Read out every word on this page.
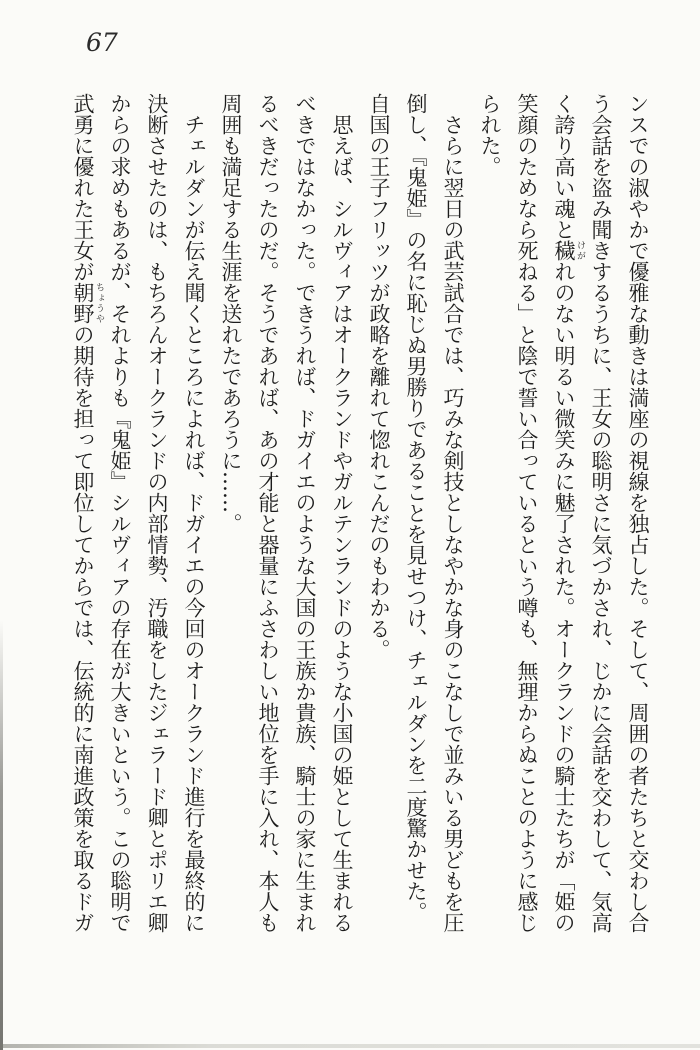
67

ンスでの淑やかで優雅な動きは満座の視線を独占した。そして、周囲の者たちと交わし合う会話を盗み聞きするうちに、王女の聡明さに気づかされ、じかに会話を交わして、気高く誇り高い魂と穢 けがれのない明るい微笑みに魅了された。オークランドの騎士たちが「姫の笑顔のためなら死ねる」と陰で誓い合っているという噂も、無理からぬことのように感じられた。

さらに翌日の武芸試合では、巧みな剣技としなやかな身のこなしで並みいる男どもを圧倒し、『鬼姫』の名に恥じぬ男勝りであることを見せつけ、チェルダンを二度驚かせた。自国の王子フリッツが政略を離れて惚れこんだのもわかる。

思えば、シルヴィアはオークランドやガルテンランドのような小国の姫として生まれるべきではなかった。できうれば、ドガイエのような大国の王族か貴族、騎士の家に生まれるべきだったのだ。そうであれば、あの才能と器量にふさわしい地位を手に入れ、本人も周囲も満足する生涯を送れたであろうに……。

チェルダンが伝え聞くところによれば、ドガイエの今回のオークランド進行を最終的に決断させたのは、もちろんオークランドの内部情勢、汚職をしたジェラード卿とポリエ卿からの求めもあるが、それよりも『鬼姫』シルヴィアの存在が大きいという。この聡明で武勇に優れた王女が朝野 ちょうやの期待を担って即位してからでは、伝統的に南進政策を取るドガ
